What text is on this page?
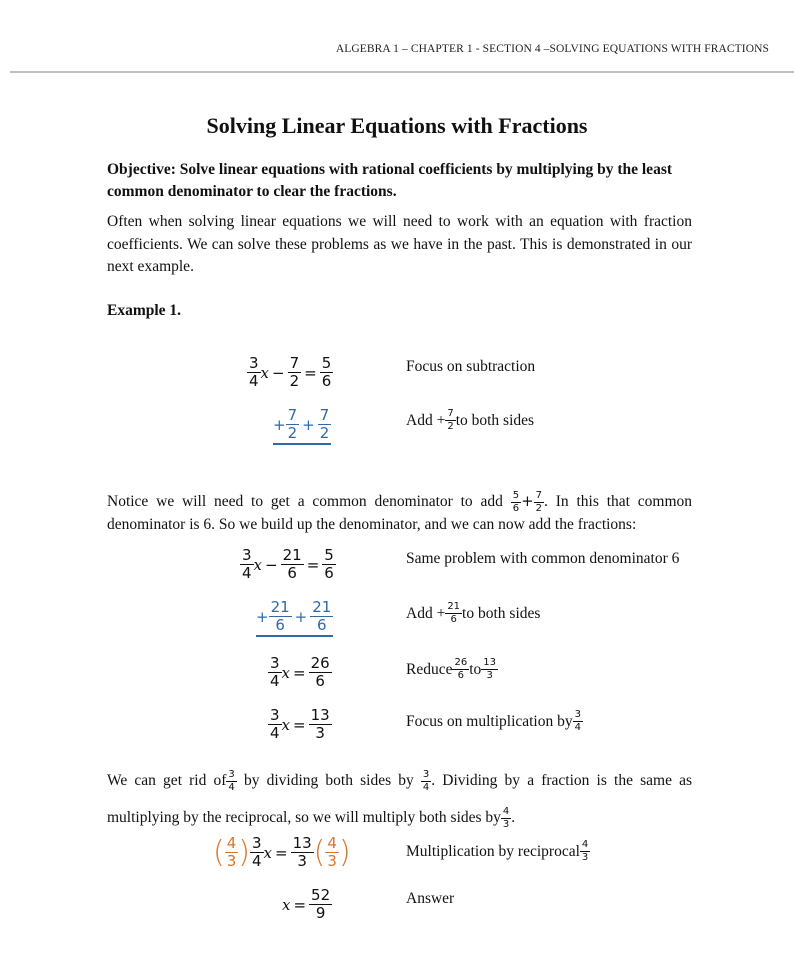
ALGEBRA 1 – CHAPTER 1 - SECTION 4 –SOLVING EQUATIONS WITH FRACTIONS
Solving Linear Equations with Fractions
Objective: Solve linear equations with rational coefficients by multiplying by the least common denominator to clear the fractions.
Often when solving linear equations we will need to work with an equation with fraction coefficients. We can solve these problems as we have in the past. This is demonstrated in our next example.
Example 1.
$\frac{3}{4}$ $x - \frac{7}{2} = \frac{5}{6}$	Focus on subtraction
+ $\frac{7}{2} + \frac{7}{2}$	Add + $\frac{7}{2}$ to both sides
Notice we will need to get a common denominator to add $\frac{5}{6} + \frac{7}{2}$ . In this that common denominator is 6. So we build up the denominator, and we can now add the fractions:
$\frac{3}{4}$ $x - \frac{21}{6} = \frac{5}{6}$	Same problem with common denominator 6
+ $\frac{21}{6} + \frac{21}{6}$	Add + $\frac{21}{6}$ to both sides
$\frac{3}{4}$ $x = \frac{26}{6}$	Reduce $\frac{26}{6}$ to $\frac{13}{3}$
$\frac{3}{4}$ $x = \frac{13}{3}$	Focus on multiplication by $\frac{3}{4}$
We can get rid of $\frac{3}{4}$ by dividing both sides by $\frac{3}{4}$ . Dividing by a fraction is the same as multiplying by the reciprocal, so we will multiply both sides by $\frac{4}{3}$ .
( $\frac{4}{3}$ ) $\frac{3}{4}$ $x = \frac{13}{3}$ ( $\frac{4}{3}$ )	Multiplication by reciprocal $\frac{4}{3}$
$x = \frac{52}{9}$	Answer
